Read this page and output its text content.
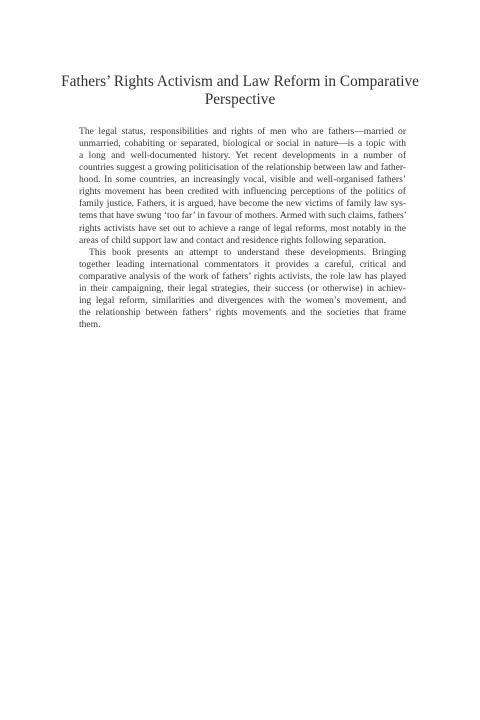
Fathers’ Rights Activism and Law Reform in Comparative
Perspective
The legal status, responsibilities and rights of men who are fathers—married or
unmarried, cohabiting or separated, biological or social in nature—is a topic with
a long and well-documented history. Yet recent developments in a number of
countries suggest a growing politicisation of the relationship between law and father-
hood. In some countries, an increasingly vocal, visible and well-organised fathers’
rights movement has been credited with influencing perceptions of the politics of
family justice. Fathers, it is argued, have become the new victims of family law sys-
tems that have swung ‘too far’ in favour of mothers. Armed with such claims, fathers’
rights activists have set out to achieve a range of legal reforms, most notably in the
areas of child support law and contact and residence rights following separation.
This book presents an attempt to understand these developments. Bringing
together leading international commentators it provides a careful, critical and
comparative analysis of the work of fathers’ rights activists, the role law has played
in their campaigning, their legal strategies, their success (or otherwise) in achiev-
ing legal reform, similarities and divergences with the women’s movement, and
the relationship between fathers’ rights movements and the societies that frame
them.
